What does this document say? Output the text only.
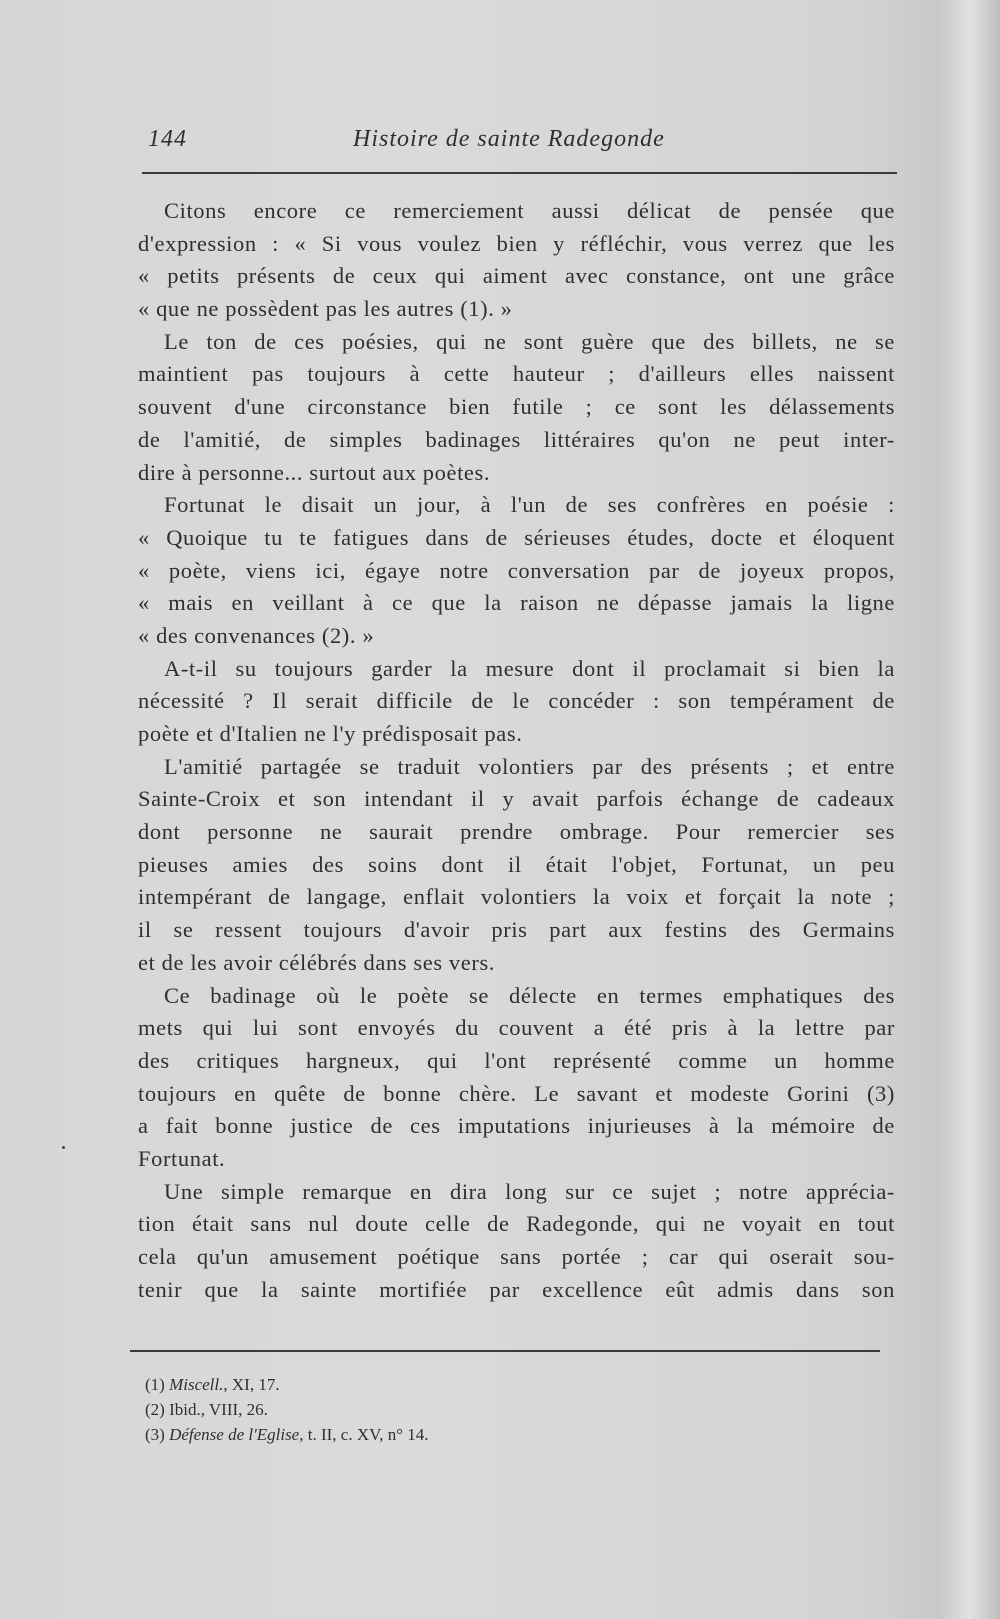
144	Histoire de sainte Radegonde
Citons encore ce remerciement aussi délicat de pensée que
d'expression : « Si vous voulez bien y réfléchir, vous verrez que les
« petits présents de ceux qui aiment avec constance, ont une grâce
« que ne possèdent pas les autres (1). »
Le ton de ces poésies, qui ne sont guère que des billets, ne se
maintient pas toujours à cette hauteur ; d'ailleurs elles naissent
souvent d'une circonstance bien futile ; ce sont les délassements
de l'amitié, de simples badinages littéraires qu'on ne peut inter-
dire à personne... surtout aux poètes.
Fortunat le disait un jour, à l'un de ses confrères en poésie :
« Quoique tu te fatigues dans de sérieuses études, docte et éloquent
« poète, viens ici, égaye notre conversation par de joyeux propos,
« mais en veillant à ce que la raison ne dépasse jamais la ligne
« des convenances (2). »
A-t-il su toujours garder la mesure dont il proclamait si bien la
nécessité ? Il serait difficile de le concéder : son tempérament de
poète et d'Italien ne l'y prédisposait pas.
L'amitié partagée se traduit volontiers par des présents ; et entre
Sainte-Croix et son intendant il y avait parfois échange de cadeaux
dont personne ne saurait prendre ombrage. Pour remercier ses
pieuses amies des soins dont il était l'objet, Fortunat, un peu
intempérant de langage, enflait volontiers la voix et forçait la note ;
il se ressent toujours d'avoir pris part aux festins des Germains
et de les avoir célébrés dans ses vers.
Ce badinage où le poète se délecte en termes emphatiques des
mets qui lui sont envoyés du couvent a été pris à la lettre par
des critiques hargneux, qui l'ont représenté comme un homme
toujours en quête de bonne chère. Le savant et modeste Gorini (3)
a fait bonne justice de ces imputations injurieuses à la mémoire de
Fortunat.
Une simple remarque en dira long sur ce sujet ; notre apprécia-
tion était sans nul doute celle de Radegonde, qui ne voyait en tout
cela qu'un amusement poétique sans portée ; car qui oserait sou-
tenir que la sainte mortifiée par excellence eût admis dans son
(1) Miscell., XI, 17.
(2) Ibid., VIII, 26.
(3) Défense de l'Eglise, t. II, c. XV, n° 14.
